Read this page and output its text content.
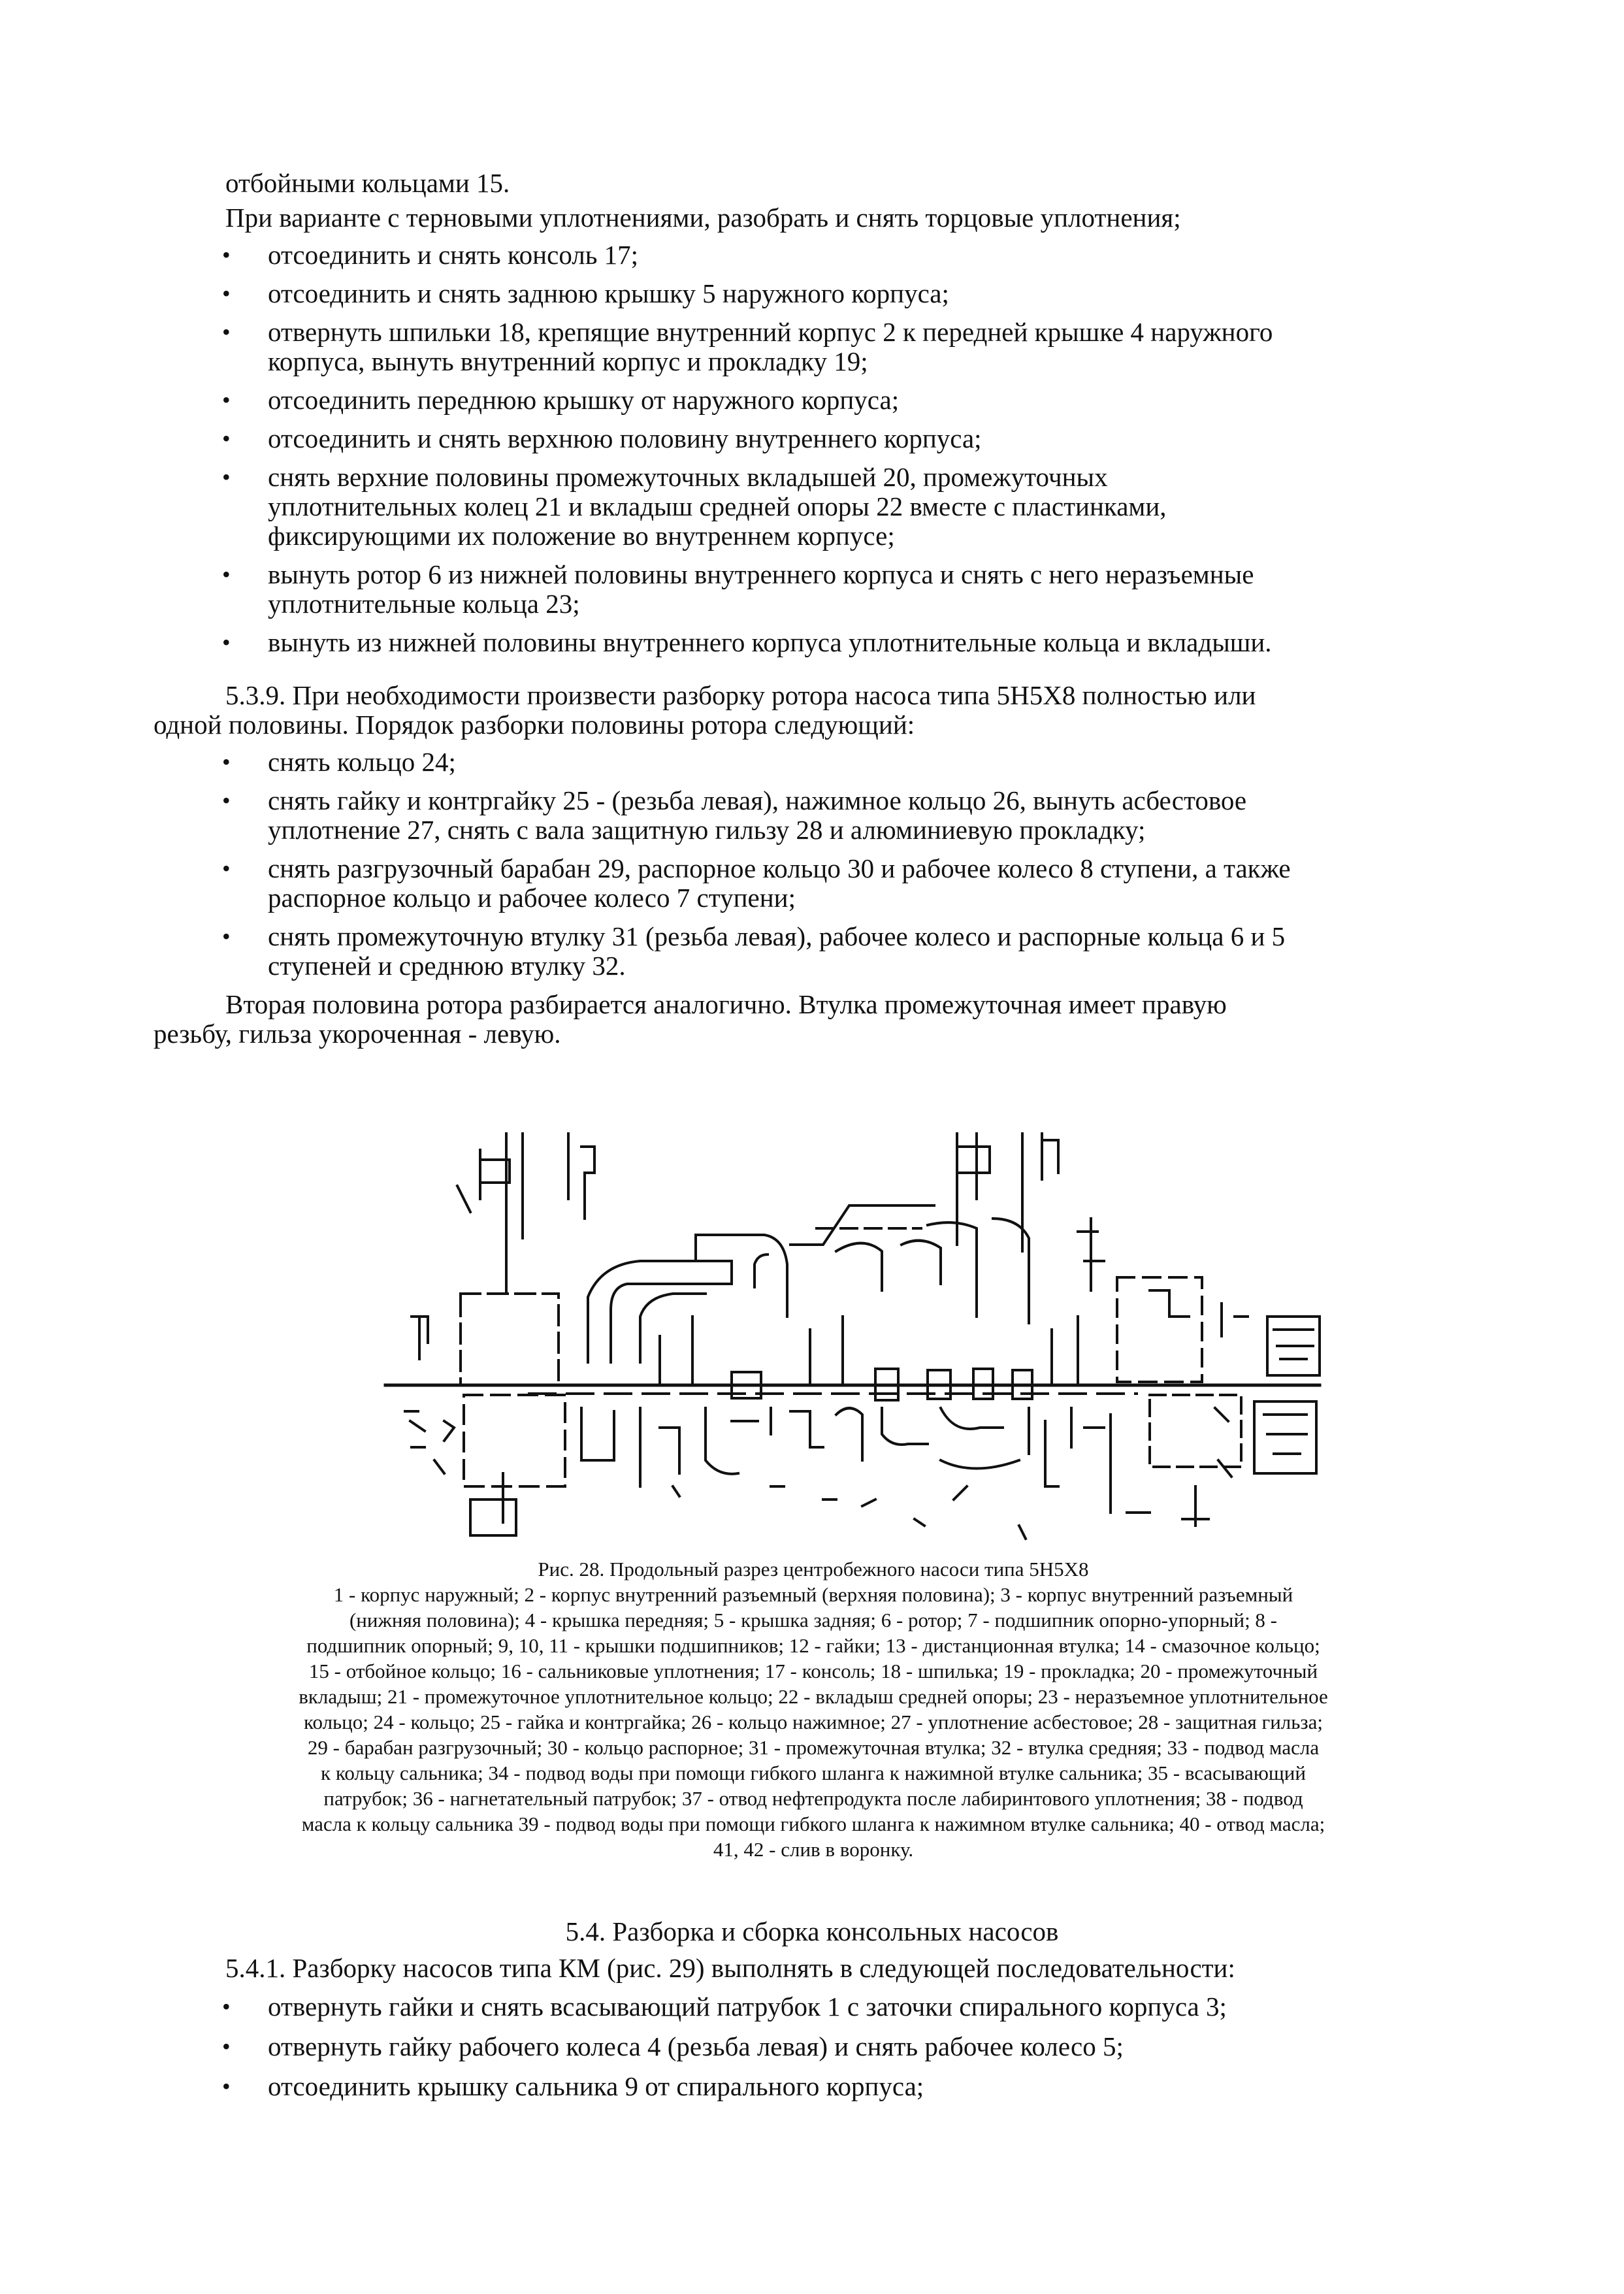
отбойными кольцами 15.

При варианте с терновыми уплотнениями, разобрать и снять торцовые уплотнения;

• отсоединить и снять консоль 17;
• отсоединить и снять заднюю крышку 5 наружного корпуса;
• отвернуть шпильки 18, крепящие внутренний корпус 2 к передней крышке 4 наружного
корпуса, вынуть внутренний корпус и прокладку 19;
• отсоединить переднюю крышку от наружного корпуса;
• отсоединить и снять верхнюю половину внутреннего корпуса;
• снять верхние половины промежуточных вкладышей 20, промежуточных
уплотнительных колец 21 и вкладыш средней опоры 22 вместе с пластинками,
фиксирующими их положение во внутреннем корпусе;
• вынуть ротор 6 из нижней половины внутреннего корпуса и снять с него неразъемные
уплотнительные кольца 23;
• вынуть из нижней половины внутреннего корпуса уплотнительные кольца и вкладыши.

5.3.9. При необходимости произвести разборку ротора насоса типа 5Н5Х8 полностью или

одной половины. Порядок разборки половины ротора следующий:

• снять кольцо 24;
• снять гайку и контргайку 25 - (резьба левая), нажимное кольцо 26, вынуть асбестовое
уплотнение 27, снять с вала защитную гильзу 28 и алюминиевую прокладку;
• снять разгрузочный барабан 29, распорное кольцо 30 и рабочее колесо 8 ступени, а также
распорное кольцо и рабочее колесо 7 ступени;
• снять промежуточную втулку 31 (резьба левая), рабочее колесо и распорные кольца 6 и 5
ступеней и среднюю втулку 32.

Вторая половина ротора разбирается аналогично. Втулка промежуточная имеет правую

резьбу, гильза укороченная - левую.

Рис. 28. Продольный разрез центробежного насоси типа 5Н5Х8
1 - корпус наружный; 2 - корпус внутренний разъемный (верхняя половина); 3 - корпус внутренний разъемный
(нижняя половина); 4 - крышка передняя; 5 - крышка задняя; 6 - ротор; 7 - подшипник опорно-упорный; 8 -
подшипник опорный; 9, 10, 11 - крышки подшипников; 12 - гайки; 13 - дистанционная втулка; 14 - смазочное кольцо;
15 - отбойное кольцо; 16 - сальниковые уплотнения; 17 - консоль; 18 - шпилька; 19 - прокладка; 20 - промежуточный
вкладыш; 21 - промежуточное уплотнительное кольцо; 22 - вкладыш средней опоры; 23 - неразъемное уплотнительное
кольцо; 24 - кольцо; 25 - гайка и контргайка; 26 - кольцо нажимное; 27 - уплотнение асбестовое; 28 - защитная гильза;
29 - барабан разгрузочный; 30 - кольцо распорное; 31 - промежуточная втулка; 32 - втулка средняя; 33 - подвод масла
к кольцу сальника; 34 - подвод воды при помощи гибкого шланга к нажимной втулке сальника; 35 - всасывающий
патрубок; 36 - нагнетательный патрубок; 37 - отвод нефтепродукта после лабиринтового уплотнения; 38 - подвод
масла к кольцу сальника 39 - подвод воды при помощи гибкого шланга к нажимном втулке сальника; 40 - отвод масла;
41, 42 - слив в воронку.
5.4. Разборка и сборка консольных насосов

5.4.1. Разборку насосов типа КМ (рис. 29) выполнять в следующей последовательности:

• отвернуть гайки и снять всасывающий патрубок 1 с заточки спирального корпуса 3;
• отвернуть гайку рабочего колеса 4 (резьба левая) и снять рабочее колесо 5;
• отсоединить крышку сальника 9 от спирального корпуса;
